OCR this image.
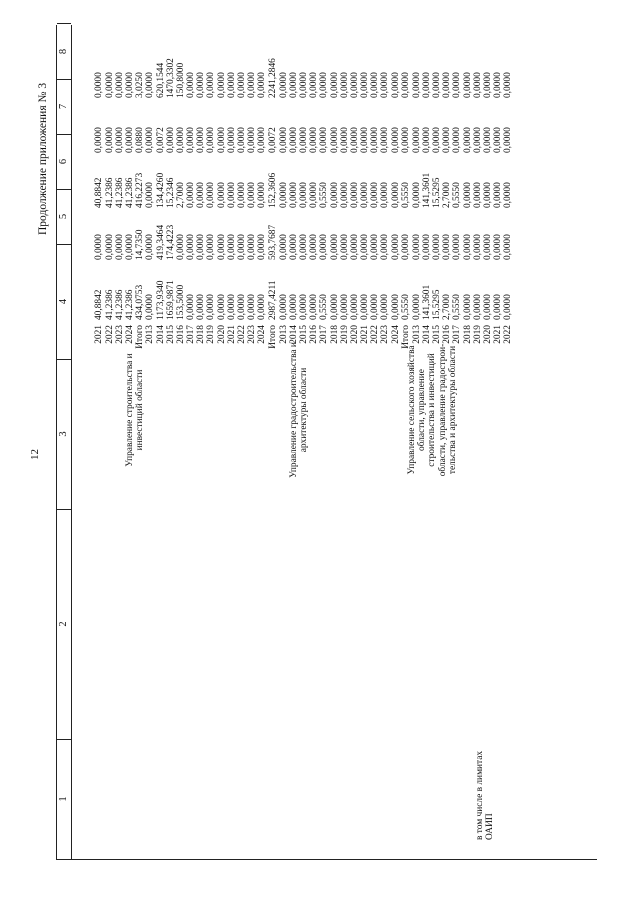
12
Продолжение приложения № 3
1
2
3
4
5
6
7
8
Управление строительства и инвестиций области

2021 2022 2023 2024 Итого 2013 2014 2015 2016 2017 2018 2019 2020 2021 2022 2023 2024

40,8842 41,2386 41,2386 41,2386 434,0753 0,0000 1173,9340 1659,9871 153,5000 0,0000 0,0000 0,0000 0,0000 0,0000 0,0000 0,0000 0,0000

0,0000 0,0000 0,0000 0,0000 14,7350 0,0000 419,3464 174,4223 0,0000 0,0000 0,0000 0,0000 0,0000 0,0000 0,0000 0,0000 0,0000

40,8842 41,2386 41,2386 41,2386 416,2273 0,0000 134,4260 15,2346 2,7000 0,0000 0,0000 0,0000 0,0000 0,0000 0,0000 0,0000 0,0000

0,0000 0,0000 0,0000 0,0000 0,0880 0,0000 0,0072 0,0000 0,0000 0,0000 0,0000 0,0000 0,0000 0,0000 0,0000 0,0000 0,0000

0,0000 0,0000 0,0000 0,0000 3,0250 0,0000 620,1544 1470,3302 150,8000 0,0000 0,0000 0,0000 0,0000 0,0000 0,0000 0,0000 0,0000

Управление градостроительства и архитектуры области

Итого 2013 2014 2015 2016 2017 2018 2019 2020 2021 2022 2023 2024

2987,4211 0,0000 0,0000 0,0000 0,0000 0,5550 0,0000 0,0000 0,0000 0,0000 0,0000 0,0000 0,0000

593,7687 0,0000 0,0000 0,0000 0,0000 0,0000 0,0000 0,0000 0,0000 0,0000 0,0000 0,0000 0,0000

152,3606 0,0000 0,0000 0,0000 0,0000 0,5550 0,0000 0,0000 0,0000 0,0000 0,0000 0,0000 0,0000

0,0072 0,0000 0,0000 0,0000 0,0000 0,0000 0,0000 0,0000 0,0000 0,0000 0,0000 0,0000 0,0000

2241,2846 0,0000 0,0000 0,0000 0,0000 0,0000 0,0000 0,0000 0,0000 0,0000 0,0000 0,0000 0,0000

в том числе в лимитах ОАИП
Управление сельского хозяйства области, управление строительства и инвестиций области, управление градострои- тельства и архитектуры области

Итого 2013 2014 2015 2016 2017 2018 2019 2020 2021 2022

0,5550 0,0000 141,3601 15,5295 2,7000 0,5550 0,0000 0,0000 0,0000 0,0000 0,0000

0,0000 0,0000 0,0000 0,0000 0,0000 0,0000 0,0000 0,0000 0,0000 0,0000 0,0000

0,5550 0,0000 141,3601 15,5295 2,7000 0,5550 0,0000 0,0000 0,0000 0,0000 0,0000

0,0000 0,0000 0,0000 0,0000 0,0000 0,0000 0,0000 0,0000 0,0000 0,0000 0,0000

0,0000 0,0000 0,0000 0,0000 0,0000 0,0000 0,0000 0,0000 0,0000 0,0000 0,0000
